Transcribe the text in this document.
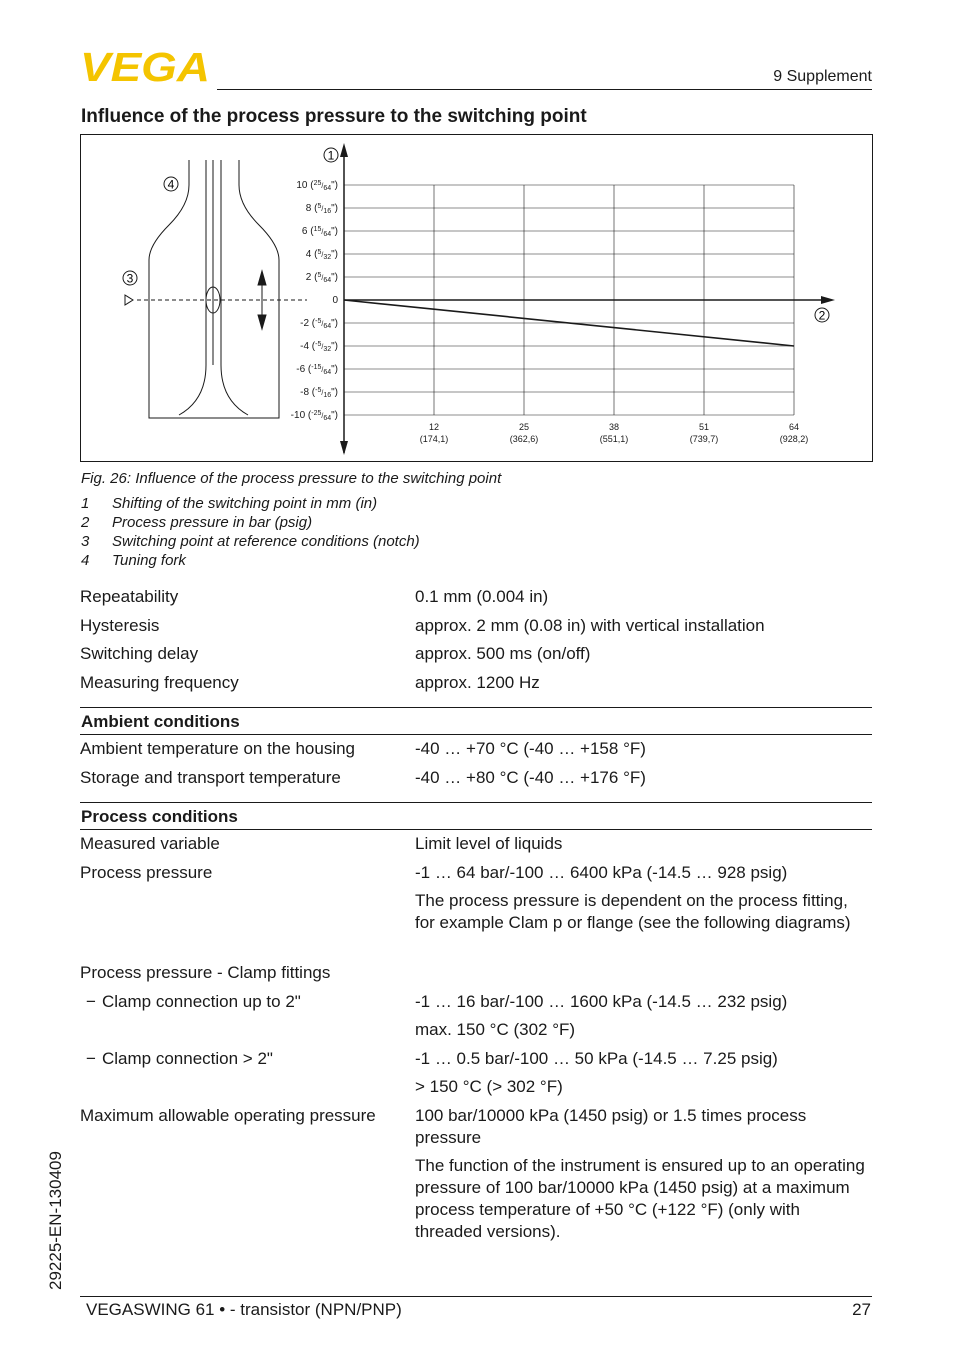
VEGA	9 Supplement
Influence of the process pressure to the switching point
4
3
1
2
10 ($^{25}_{/64}$")
8 ($^5_{/16}$")
6 ($^{15}_{/64}$")
4 ($^5_{/32}$")
2 ($^5_{/64}$")
0
-2 ($^{-5}_{/64}$")
-4 ($^{-5}_{/32}$")
-6 ($^{-15}_{/64}$")
-8 ($^{-5}_{/16}$")
-10 ($^{-25}_{/64}$")
12
(174,1)
25
(362,6)
38
(551,1)
51
(739,7)
64
(928,2)
Fig. 26: Influence of the process pressure to the switching point
1 Shifting of the switching point in mm (in)
2 Process pressure in bar (psig)
3 Switching point at reference conditions (notch)
4 Tuning fork
Repeatability	0.1 mm (0.004 in)
Hysteresis	approx. 2 mm (0.08 in) with vertical installation
Switching delay	approx. 500 ms (on/off)
Measuring frequency	approx. 1200 Hz
Ambient conditions
Ambient temperature on the housing	-40 … +70 °C (-40 … +158 °F)
Storage and transport temperature	-40 … +80 °C (-40 … +176 °F)
Process conditions
Measured variable	Limit level of liquids
Process pressure	-1 … 64 bar/-100 … 6400 kPa (-14.5 … 928 psig)
The process pressure is dependent on the process fitting, for example Clam p or flange (see the following diagrams)
Process pressure - Clamp fittings
− Clamp connection up to 2"	-1 … 16 bar/-100 … 1600 kPa (-14.5 … 232 psig)
max. 150 °C (302 °F)
− Clamp connection > 2"	-1 … 0.5 bar/-100 … 50 kPa (-14.5 … 7.25 psig)
> 150 °C (> 302 °F)
Maximum allowable operating pressure 100 bar/10000 kPa (1450 psig) or 1.5 times process pressure
The function of the instrument is ensured up to an operating pressure of 100 bar/10000 kPa (1450 psig) at a maximum process temperature of +50 °C (+122 °F) (only with threaded versions).
29225-EN-130409
VEGASWING 61 • - transistor (NPN/PNP)	27
